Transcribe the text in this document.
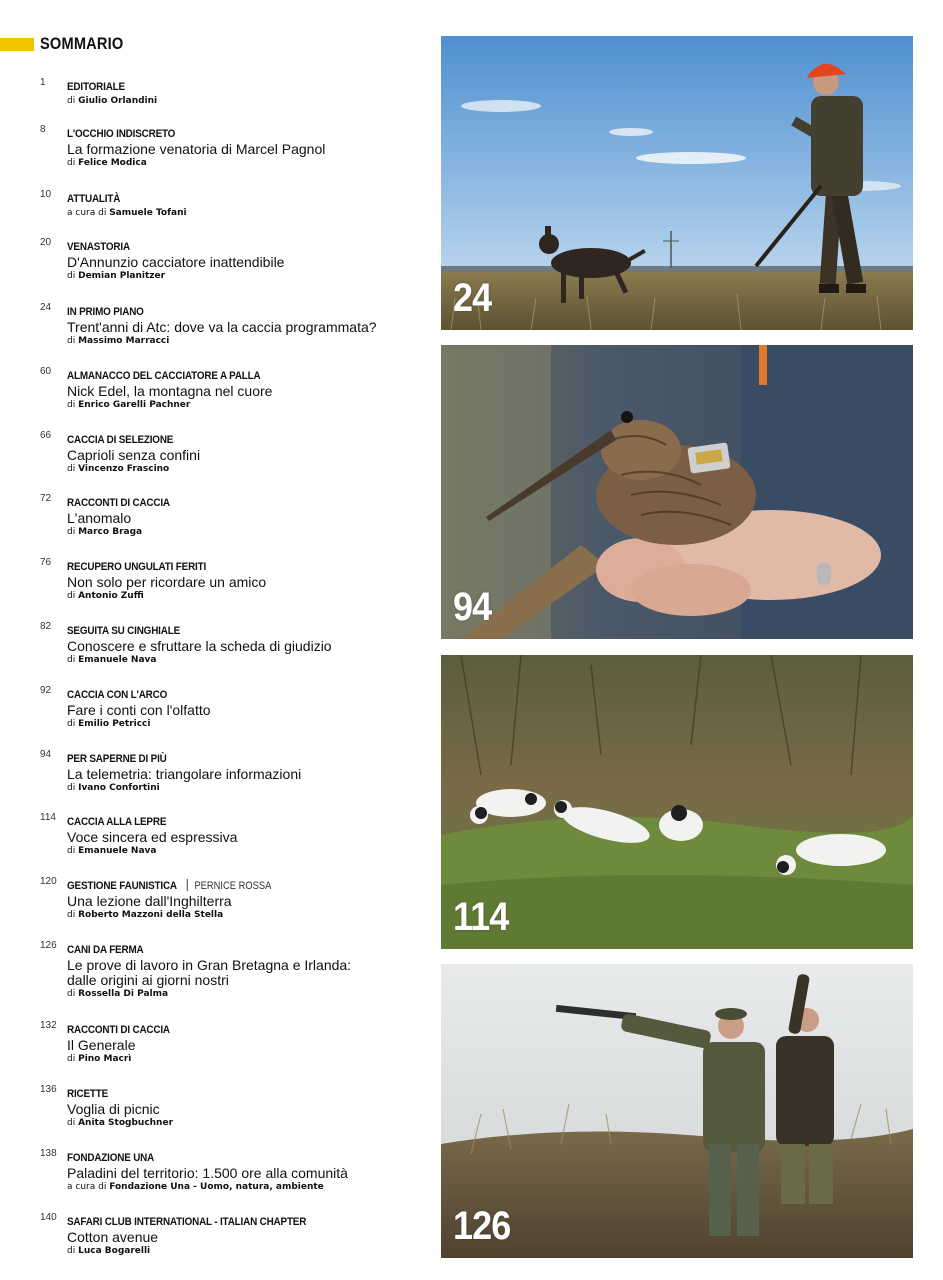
SOMMARIO
1 EDITORIALE
di Giulio Orlandini
8 L'OCCHIO INDISCRETO
La formazione venatoria di Marcel Pagnol
di Felice Modica
10 ATTUALITÀ
a cura di Samuele Tofani
20 VENASTORIA
D'Annunzio cacciatore inattendibile
di Demian Planitzer
24 IN PRIMO PIANO
Trent'anni di Atc: dove va la caccia programmata?
di Massimo Marracci
60 ALMANACCO DEL CACCIATORE A PALLA
Nick Edel, la montagna nel cuore
di Enrico Garelli Pachner
66 CACCIA DI SELEZIONE
Caprioli senza confini
di Vincenzo Frascino
72 RACCONTI DI CACCIA
L'anomalo
di Marco Braga
76 RECUPERO UNGULATI FERITI
Non solo per ricordare un amico
di Antonio Zuffi
82 SEGUITA SU CINGHIALE
Conoscere e sfruttare la scheda di giudizio
di Emanuele Nava
92 CACCIA CON L'ARCO
Fare i conti con l'olfatto
di Emilio Petricci
94 PER SAPERNE DI PIÙ
La telemetria: triangolare informazioni
di Ivano Confortini
114 CACCIA ALLA LEPRE
Voce sincera ed espressiva
di Emanuele Nava
120 GESTIONE FAUNISTICA PERNICE ROSSA
Una lezione dall'Inghilterra
di Roberto Mazzoni della Stella
126 CANI DA FERMA
Le prove di lavoro in Gran Bretagna e Irlanda:
dalle origini ai giorni nostri
di Rossella Di Palma
132 RACCONTI DI CACCIA
Il Generale
di Pino Macrì
136 RICETTE
Voglia di picnic
di Anita Stogbuchner
138 FONDAZIONE UNA
Paladini del territorio: 1.500 ore alla comunità
a cura di Fondazione Una - Uomo, natura, ambiente
140 SAFARI CLUB INTERNATIONAL - ITALIAN CHAPTER
Cotton avenue
di Luca Bogarelli
24
94
114
126
